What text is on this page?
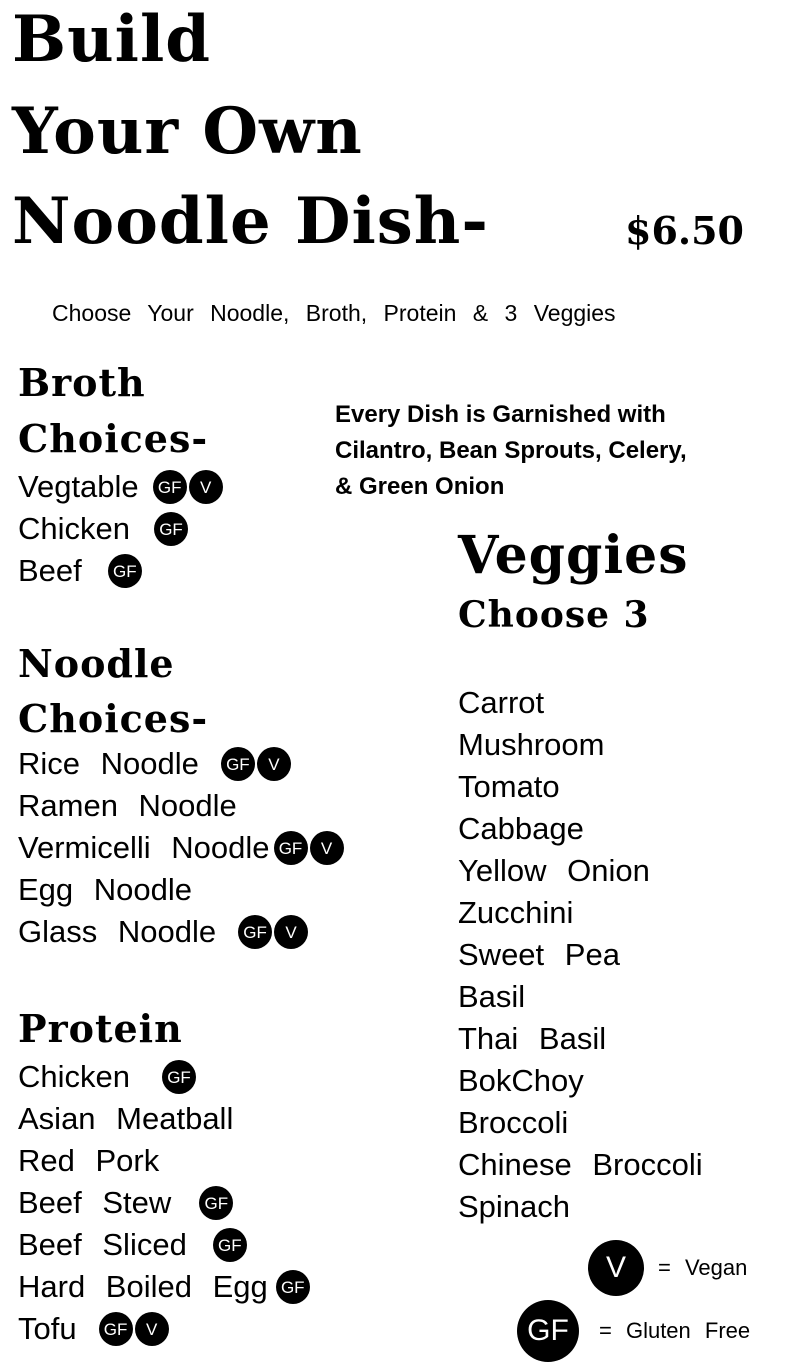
Build
Your Own
Noodle Dish-	$6.50
Choose Your Noodle, Broth, Protein & 3 Veggies
Every Dish is Garnished with
Cilantro, Bean Sprouts, Celery,
& Green Onion
Broth
Choices-
Vegtable	GF	V
Chicken	GF
Beef	GF
Noodle
Choices-
Rice Noodle	GF	V
Ramen Noodle
Vermicelli Noodle GF	V
Egg Noodle
Glass Noodle	GF	V
Protein
Chicken	GF
Asian Meatball
Red Pork
Beef Stew	GF
Beef Sliced	GF
Hard Boiled Egg GF
Tofu	GF	V
Veggies
Choose 3
Carrot
Mushroom
Tomato
Cabbage
Yellow Onion
Zucchini
Sweet Pea
Basil
Thai Basil
BokChoy
Broccoli
Chinese Broccoli
Spinach
V	= Vegan
GF	= Gluten Free
